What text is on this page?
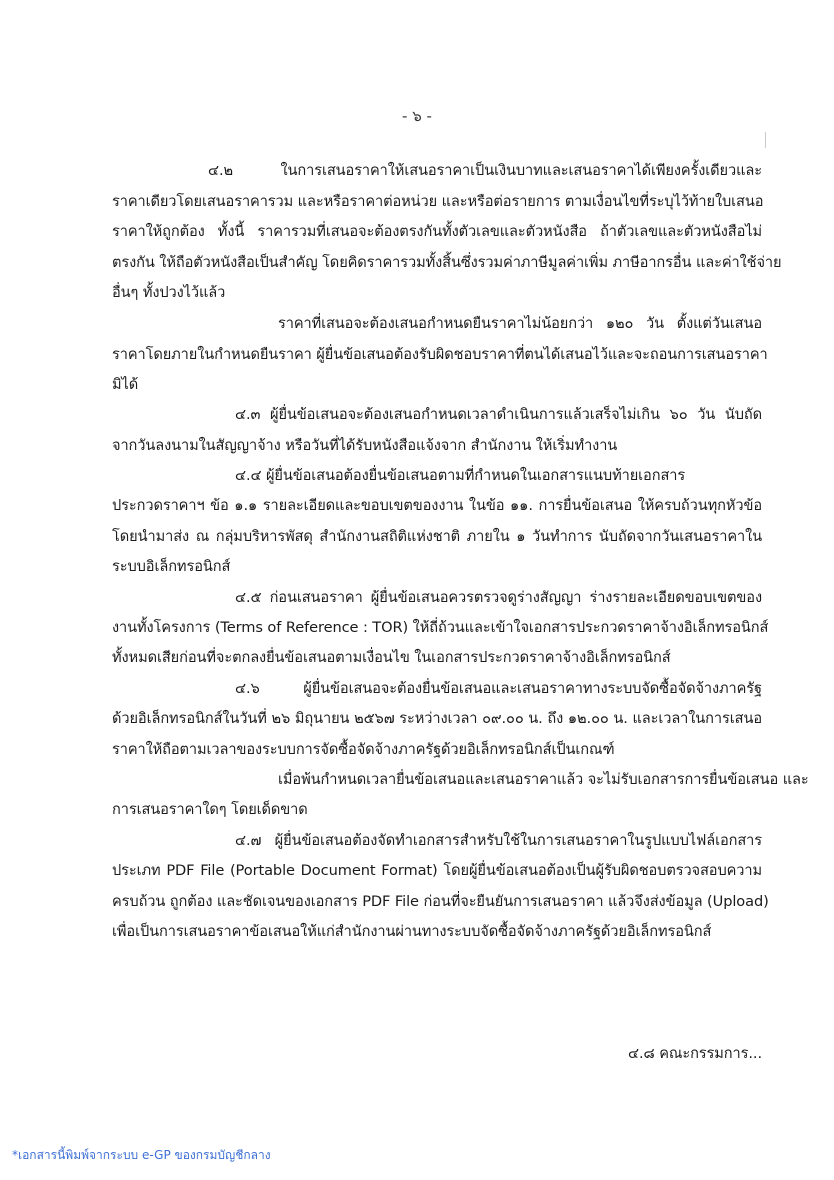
- ๖ -
๔.๒ ในการเสนอราคาให้เสนอราคาเป็นเงินบาทและเสนอราคาได้เพียงครั้งเดียวและ
ราคาเดียวโดยเสนอราคารวม และหรือราคาต่อหน่วย และหรือต่อรายการ ตามเงื่อนไขที่ระบุไว้ท้ายใบเสนอ
ราคาให้ถูกต้อง ทั้งนี้ ราคารวมที่เสนอจะต้องตรงกันทั้งตัวเลขและตัวหนังสือ ถ้าตัวเลขและตัวหนังสือไม่
ตรงกัน ให้ถือตัวหนังสือเป็นสำคัญ โดยคิดราคารวมทั้งสิ้นซึ่งรวมค่าภาษีมูลค่าเพิ่ม ภาษีอากรอื่น และค่าใช้จ่าย
อื่นๆ ทั้งปวงไว้แล้ว
ราคาที่เสนอจะต้องเสนอกำหนดยืนราคาไม่น้อยกว่า ๑๒๐ วัน ตั้งแต่วันเสนอ
ราคาโดยภายในกำหนดยืนราคา ผู้ยื่นข้อเสนอต้องรับผิดชอบราคาที่ตนได้เสนอไว้และจะถอนการเสนอราคา
มิได้
๔.๓ ผู้ยื่นข้อเสนอจะต้องเสนอกำหนดเวลาดำเนินการแล้วเสร็จไม่เกิน ๖๐ วัน นับถัด
จากวันลงนามในสัญญาจ้าง หรือวันที่ได้รับหนังสือแจ้งจาก สำนักงาน ให้เริ่มทำงาน
๔.๔ ผู้ยื่นข้อเสนอต้องยื่นข้อเสนอตามที่กำหนดในเอกสารแนบท้ายเอกสาร
ประกวดราคาฯ ข้อ ๑.๑ รายละเอียดและขอบเขตของงาน ในข้อ ๑๑. การยื่นข้อเสนอ ให้ครบถ้วนทุกหัวข้อ
โดยนำมาส่ง ณ กลุ่มบริหารพัสดุ สำนักงานสถิติแห่งชาติ ภายใน ๑ วันทำการ นับถัดจากวันเสนอราคาใน
ระบบอิเล็กทรอนิกส์
๔.๕ ก่อนเสนอราคา ผู้ยื่นข้อเสนอควรตรวจดูร่างสัญญา ร่างรายละเอียดขอบเขตของ
งานทั้งโครงการ (Terms of Reference : TOR) ให้ถี่ถ้วนและเข้าใจเอกสารประกวดราคาจ้างอิเล็กทรอนิกส์
ทั้งหมดเสียก่อนที่จะตกลงยื่นข้อเสนอตามเงื่อนไข ในเอกสารประกวดราคาจ้างอิเล็กทรอนิกส์
๔.๖ ผู้ยื่นข้อเสนอจะต้องยื่นข้อเสนอและเสนอราคาทางระบบจัดซื้อจัดจ้างภาครัฐ
ด้วยอิเล็กทรอนิกส์ในวันที่ ๒๖ มิถุนายน ๒๕๖๗ ระหว่างเวลา ๐๙.๐๐ น. ถึง ๑๒.๐๐ น. และเวลาในการเสนอ
ราคาให้ถือตามเวลาของระบบการจัดซื้อจัดจ้างภาครัฐด้วยอิเล็กทรอนิกส์เป็นเกณฑ์
เมื่อพ้นกำหนดเวลายื่นข้อเสนอและเสนอราคาแล้ว จะไม่รับเอกสารการยื่นข้อเสนอ และ
การเสนอราคาใดๆ โดยเด็ดขาด
๔.๗ ผู้ยื่นข้อเสนอต้องจัดทำเอกสารสำหรับใช้ในการเสนอราคาในรูปแบบไฟล์เอกสาร
ประเภท PDF File (Portable Document Format) โดยผู้ยื่นข้อเสนอต้องเป็นผู้รับผิดชอบตรวจสอบความ
ครบถ้วน ถูกต้อง และชัดเจนของเอกสาร PDF File ก่อนที่จะยืนยันการเสนอราคา แล้วจึงส่งข้อมูล (Upload)
เพื่อเป็นการเสนอราคาข้อเสนอให้แก่สำนักงานผ่านทางระบบจัดซื้อจัดจ้างภาครัฐด้วยอิเล็กทรอนิกส์
๔.๘ คณะกรรมการ...
*เอกสารนี้พิมพ์จากระบบ e-GP ของกรมบัญชีกลาง
